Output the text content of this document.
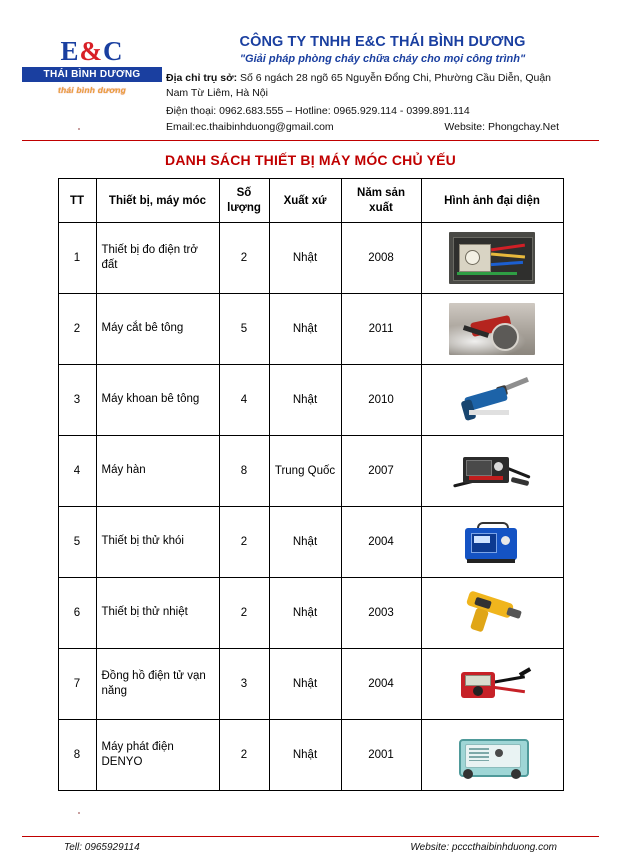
E&C
THÁI BÌNH DƯƠNG
thái bình dương
CÔNG TY TNHH E&C THÁI BÌNH DƯƠNG
"Giải pháp phòng cháy chữa cháy cho mọi công trình"
Địa chỉ trụ sở: Số 6 ngách 28 ngõ 65 Nguyễn Đổng Chi, Phường Cầu Diễn, Quận
Nam Từ Liêm, Hà Nội
Điện thoại: 0962.683.555 – Hotline: 0965.929.114 - 0399.891.114
Email:ec.thaibinhduong@gmail.com	Website: Phongchay.Net
DANH SÁCH THIẾT BỊ MÁY MÓC CHỦ YẾU
TT	Thiết bị, máy móc	Số lượng	Xuất xứ	Năm sản xuất	Hình ảnh đại diện
1	Thiết bị đo điện trở đất	2	Nhật	2008	

2	Máy cắt bê tông	5	Nhật	2011	

3	Máy khoan bê tông	4	Nhật	2010	

4	Máy hàn	8	Trung Quốc	2007	

5	Thiết bị thử khói	2	Nhật	2004	

6	Thiết bị thử nhiệt	2	Nhật	2003	

7	Đồng hồ điện tử vạn năng	3	Nhật	2004	

8	Máy phát điện DENYO	2	Nhật	2001	
Tell: 0965929114	Website: pcccthaibinhduong.com
